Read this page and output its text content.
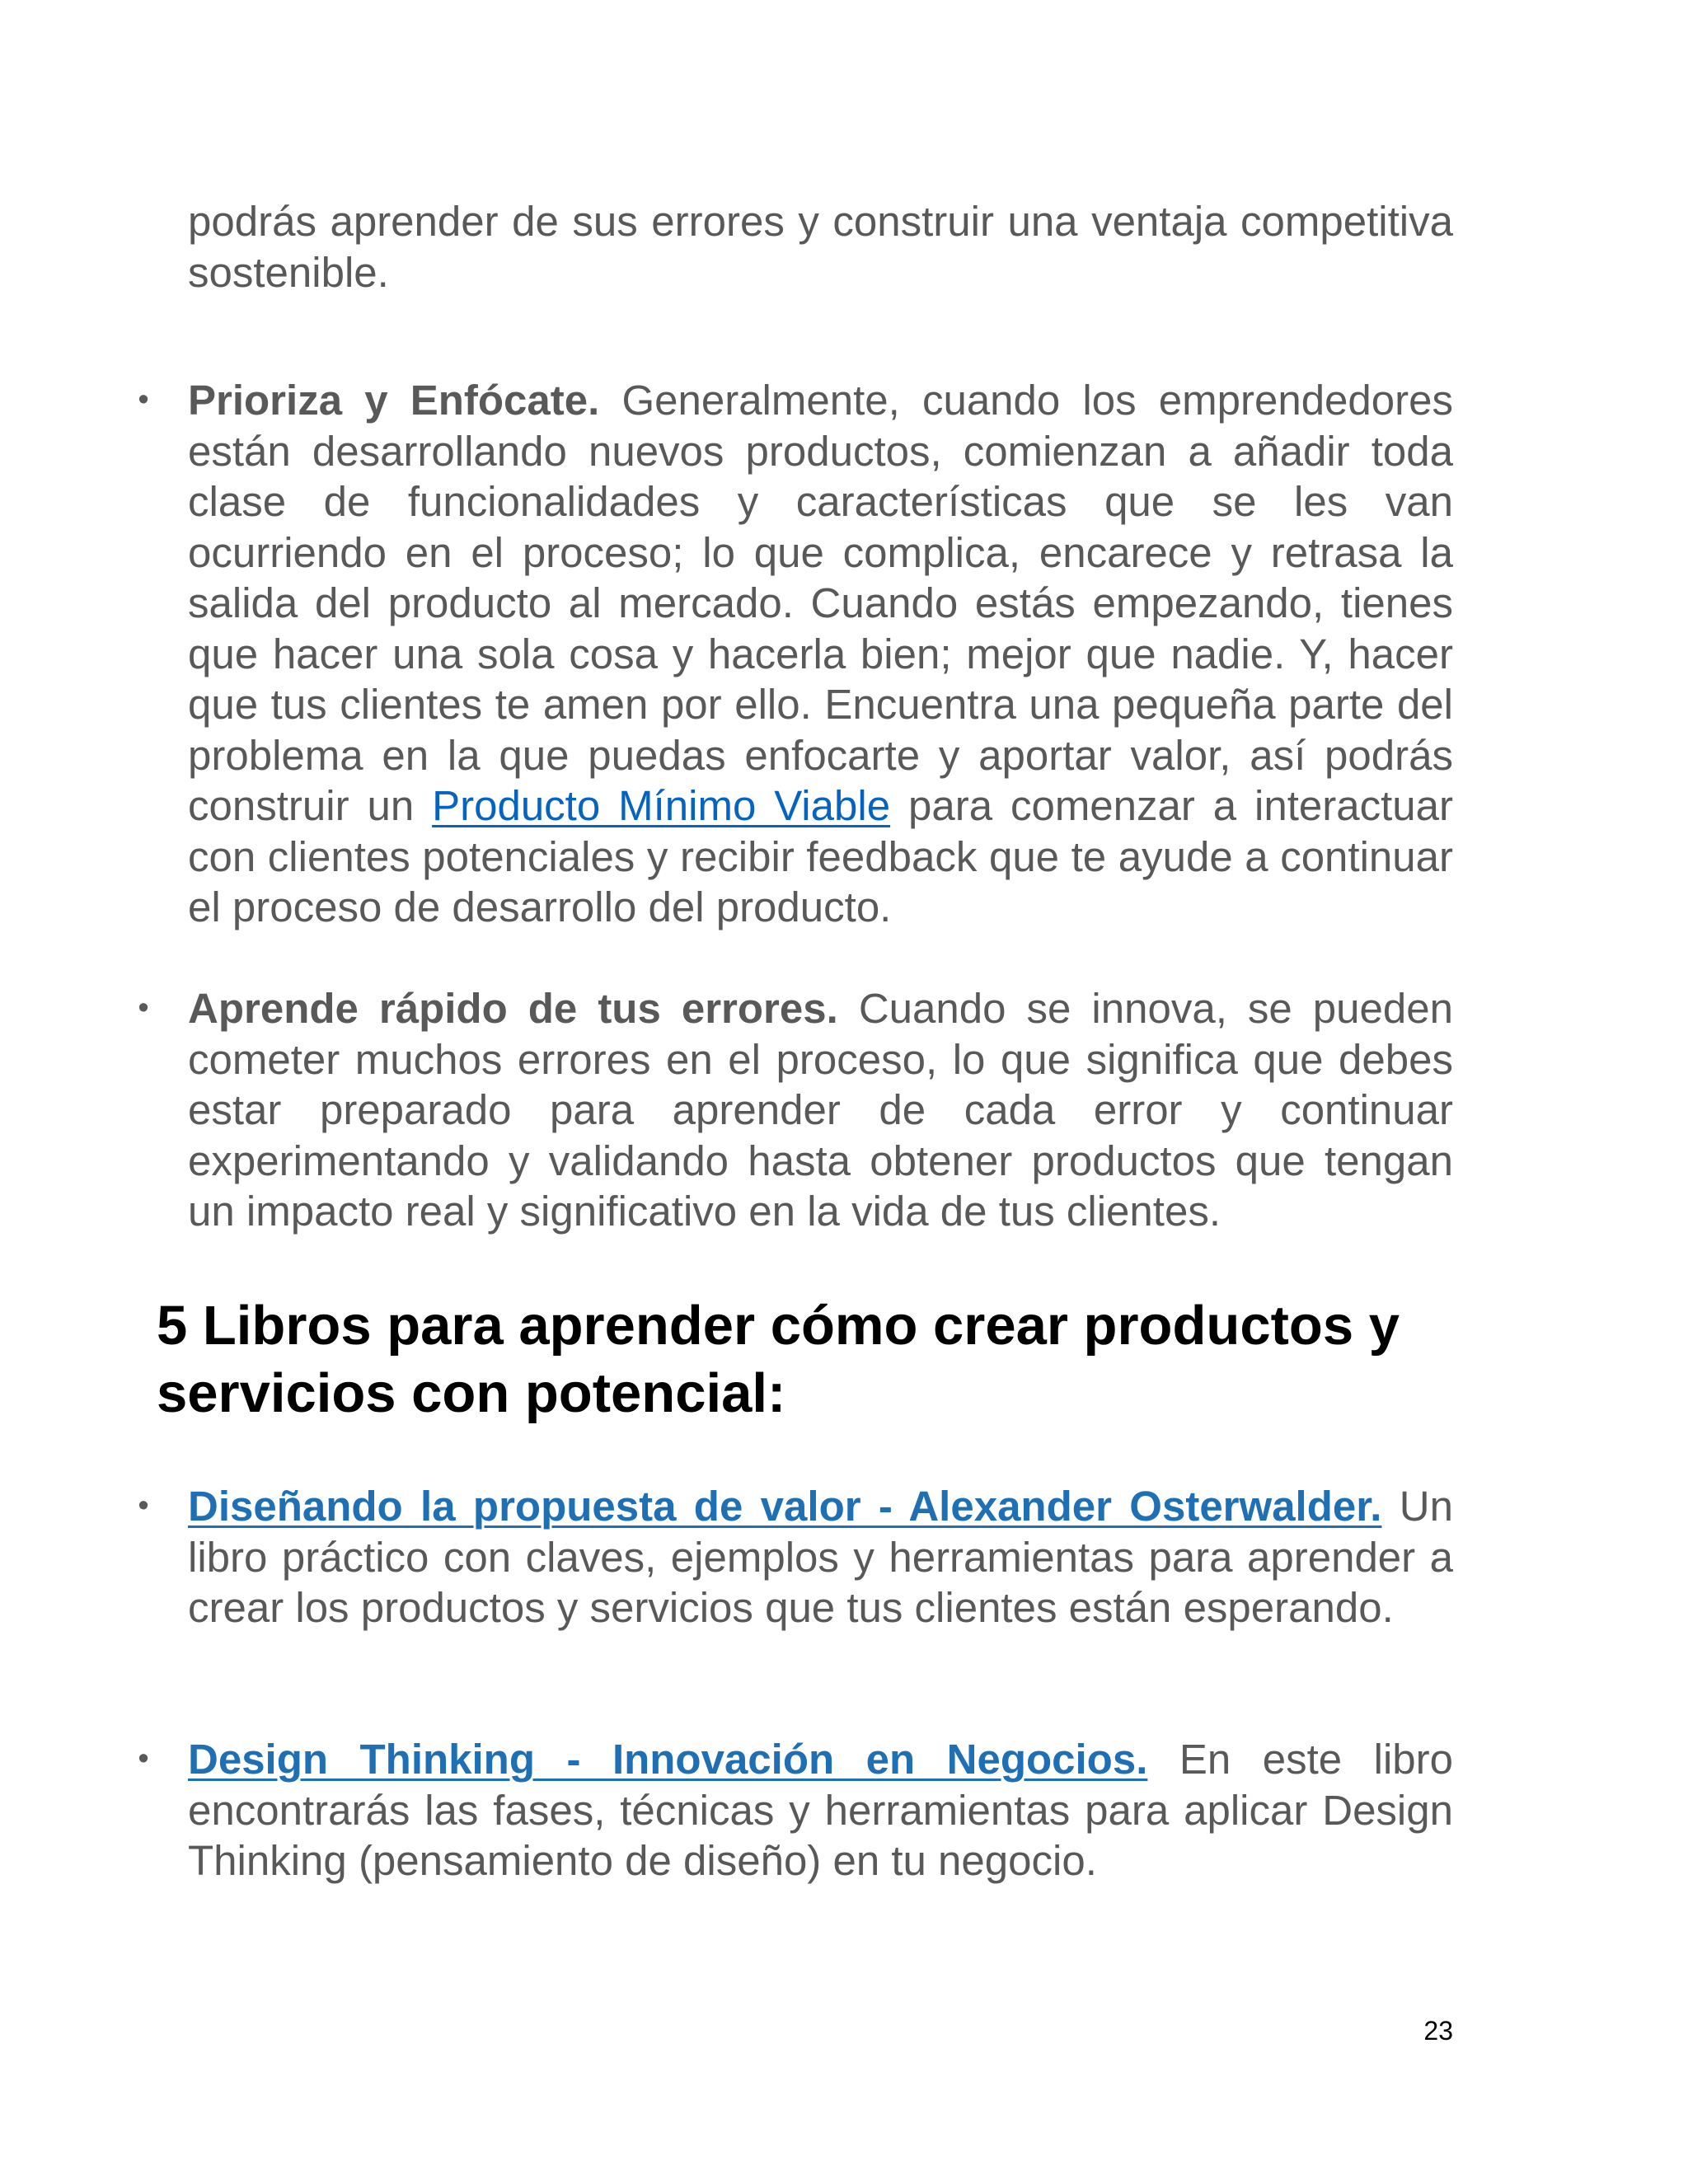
podrás aprender de sus errores y construir una ventaja competitiva sostenible.

• Prioriza y Enfócate. Generalmente, cuando los emprendedores están desarrollando nuevos productos, comienzan a añadir toda clase de funcionalidades y características que se les van ocurriendo en el proceso; lo que complica, encarece y retrasa la salida del producto al mercado. Cuando estás empezando, tienes que hacer una sola cosa y hacerla bien; mejor que nadie. Y, hacer que tus clientes te amen por ello. Encuentra una pequeña parte del problema en la que puedas enfocarte y aportar valor, así podrás construir un Producto Mínimo Viable para comenzar a interactuar con clientes potenciales y recibir feedback que te ayude a continuar el proceso de desarrollo del producto.

• Aprende rápido de tus errores. Cuando se innova, se pueden cometer muchos errores en el proceso, lo que significa que debes estar preparado para aprender de cada error y continuar experimentando y validando hasta obtener productos que tengan un impacto real y significativo en la vida de tus clientes.

5 Libros para aprender cómo crear productos y servicios con potencial:
• Diseñando la propuesta de valor - Alexander Osterwalder. Un libro práctico con claves, ejemplos y herramientas para aprender a crear los productos y servicios que tus clientes están esperando.

• Design Thinking - Innovación en Negocios. En este libro encontrarás las fases, técnicas y herramientas para aplicar Design Thinking (pensamiento de diseño) en tu negocio.

23
